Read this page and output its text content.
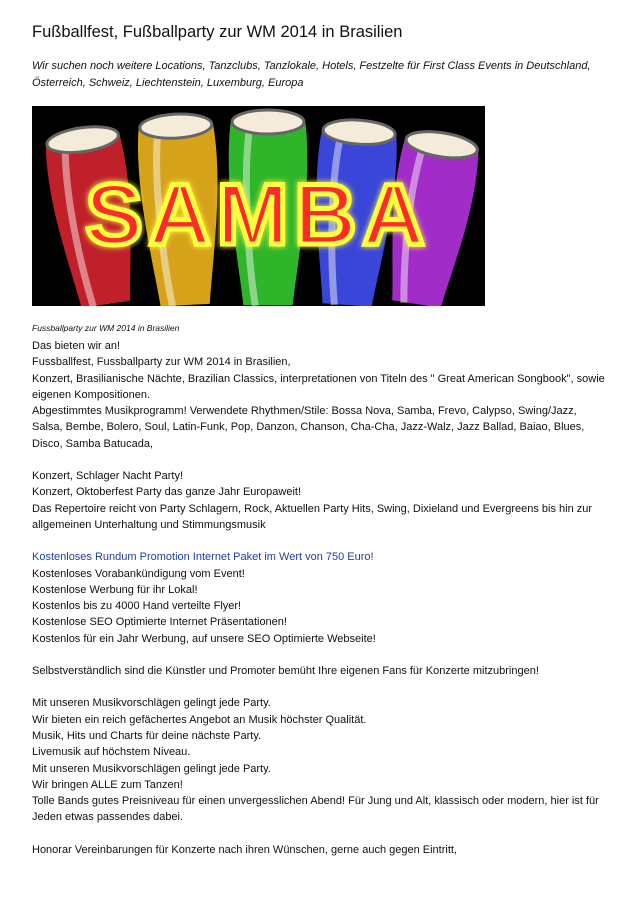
Fußballfest, Fußballparty zur WM 2014 in Brasilien

Wir suchen noch weitere Locations, Tanzclubs, Tanzlokale, Hotels, Festzelte für First Class Events in Deutschland, Österreich, Schweiz, Liechtenstein, Luxemburg, Europa

SAMBA
Fussballparty zur WM 2014 in Brasilien

Das bieten wir an!

Fussballfest, Fussballparty zur WM 2014 in Brasilien,

Konzert, Brasilianische Nächte, Brazilian Classics, interpretationen von Titeln des " Great American Songbook", sowie eigenen Kompositionen.

Abgestimmtes Musikprogramm! Verwendete Rhythmen/Stile: Bossa Nova, Samba, Frevo, Calypso, Swing/Jazz, Salsa, Bembe, Bolero, Soul, Latin-Funk, Pop, Danzon, Chanson, Cha-Cha, Jazz-Walz, Jazz Ballad, Baiao, Blues, Disco, Samba Batucada,

Konzert, Schlager Nacht Party!

Konzert, Oktoberfest Party das ganze Jahr Europaweit!

Das Repertoire reicht von Party Schlagern, Rock, Aktuellen Party Hits, Swing, Dixieland und Evergreens bis hin zur allgemeinen Unterhaltung und Stimmungsmusik

Kostenloses Rundum Promotion Internet Paket im Wert von 750 Euro!

Kostenloses Vorabankündigung vom Event!

Kostenlose Werbung für ihr Lokal!

Kostenlos bis zu 4000 Hand verteilte Flyer!

Kostenlose SEO Optimierte Internet Präsentationen!

Kostenlos für ein Jahr Werbung, auf unsere SEO Optimierte Webseite!

Selbstverständlich sind die Künstler und Promoter bemüht Ihre eigenen Fans für Konzerte mitzubringen!

Mit unseren Musikvorschlägen gelingt jede Party.

Wir bieten ein reich gefächertes Angebot an Musik höchster Qualität.

Musik, Hits und Charts für deine nächste Party.

Livemusik auf höchstem Niveau.

Mit unseren Musikvorschlägen gelingt jede Party.

Wir bringen ALLE zum Tanzen!

Tolle Bands gutes Preisniveau für einen unvergesslichen Abend! Für Jung und Alt, klassisch oder modern, hier ist für Jeden etwas passendes dabei.

Honorar Vereinbarungen für Konzerte nach ihren Wünschen, gerne auch gegen Eintritt,
